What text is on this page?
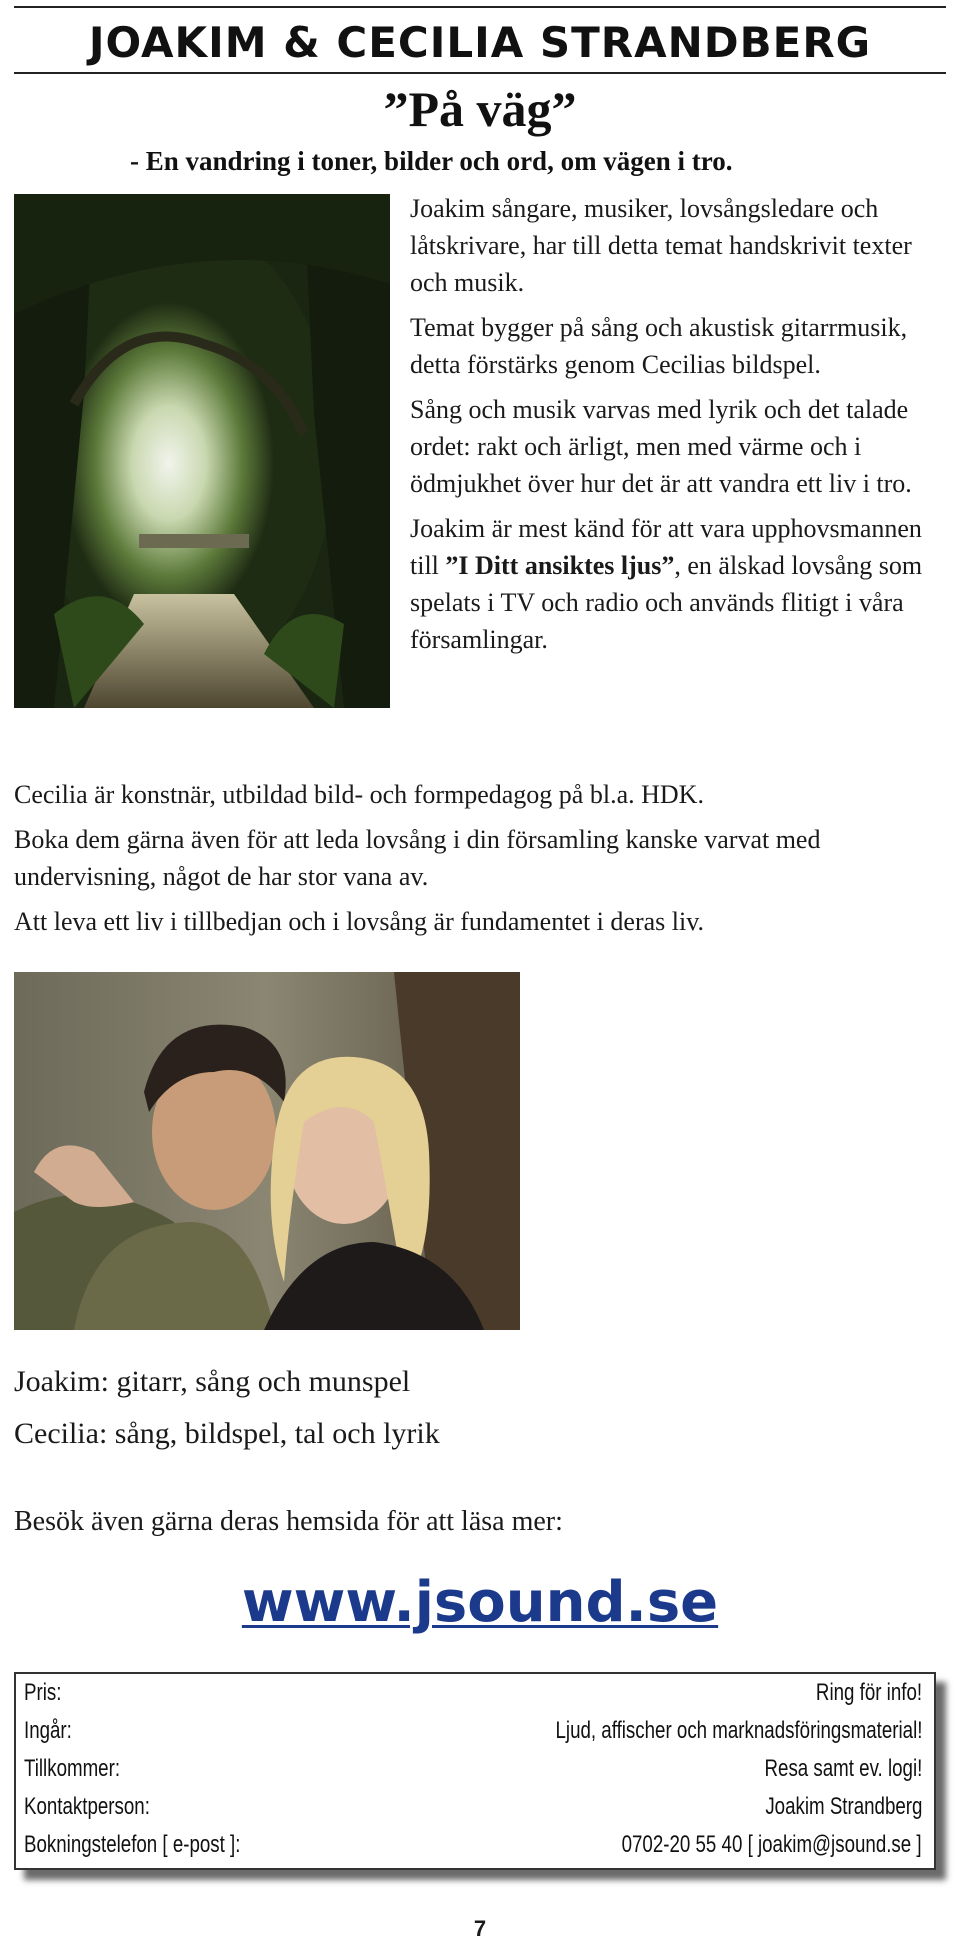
JOAKIM & CECILIA STRANDBERG
”På väg”
- En vandring i toner, bilder och ord, om vägen i tro.

Joakim sångare, musiker, lovsångsledare och låtskrivare, har till detta temat handskrivit texter och musik.

Temat bygger på sång och akustisk gitarrmusik, detta förstärks genom Cecilias bildspel.

Sång och musik varvas med lyrik och det talade ordet: rakt och ärligt, men med värme och i ödmjukhet över hur det är att vandra ett liv i tro.

Joakim är mest känd för att vara upphovsmannen till ”I Ditt ansiktes ljus”, en älskad lovsång som spelats i TV och radio och används flitigt i våra församlingar.

Cecilia är konstnär, utbildad bild- och formpedagog på bl.a. HDK.

Boka dem gärna även för att leda lovsång i din församling kanske varvat med undervisning, något de har stor vana av.

Att leva ett liv i tillbedjan och i lovsång är fundamentet i deras liv.

Joakim: gitarr, sång och munspel
Cecilia: sång, bildspel, tal och lyrik
Besök även gärna deras hemsida för att läsa mer:
www.jsound.se
Pris:	Ring för info!
Ingår:	Ljud, affischer och marknadsföringsmaterial!
Tillkommer:	Resa samt ev. logi!
Kontaktperson:	Joakim Strandberg
Bokningstelefon [ e-post ]:	0702-20 55 40 [ joakim@jsound.se ]
7
